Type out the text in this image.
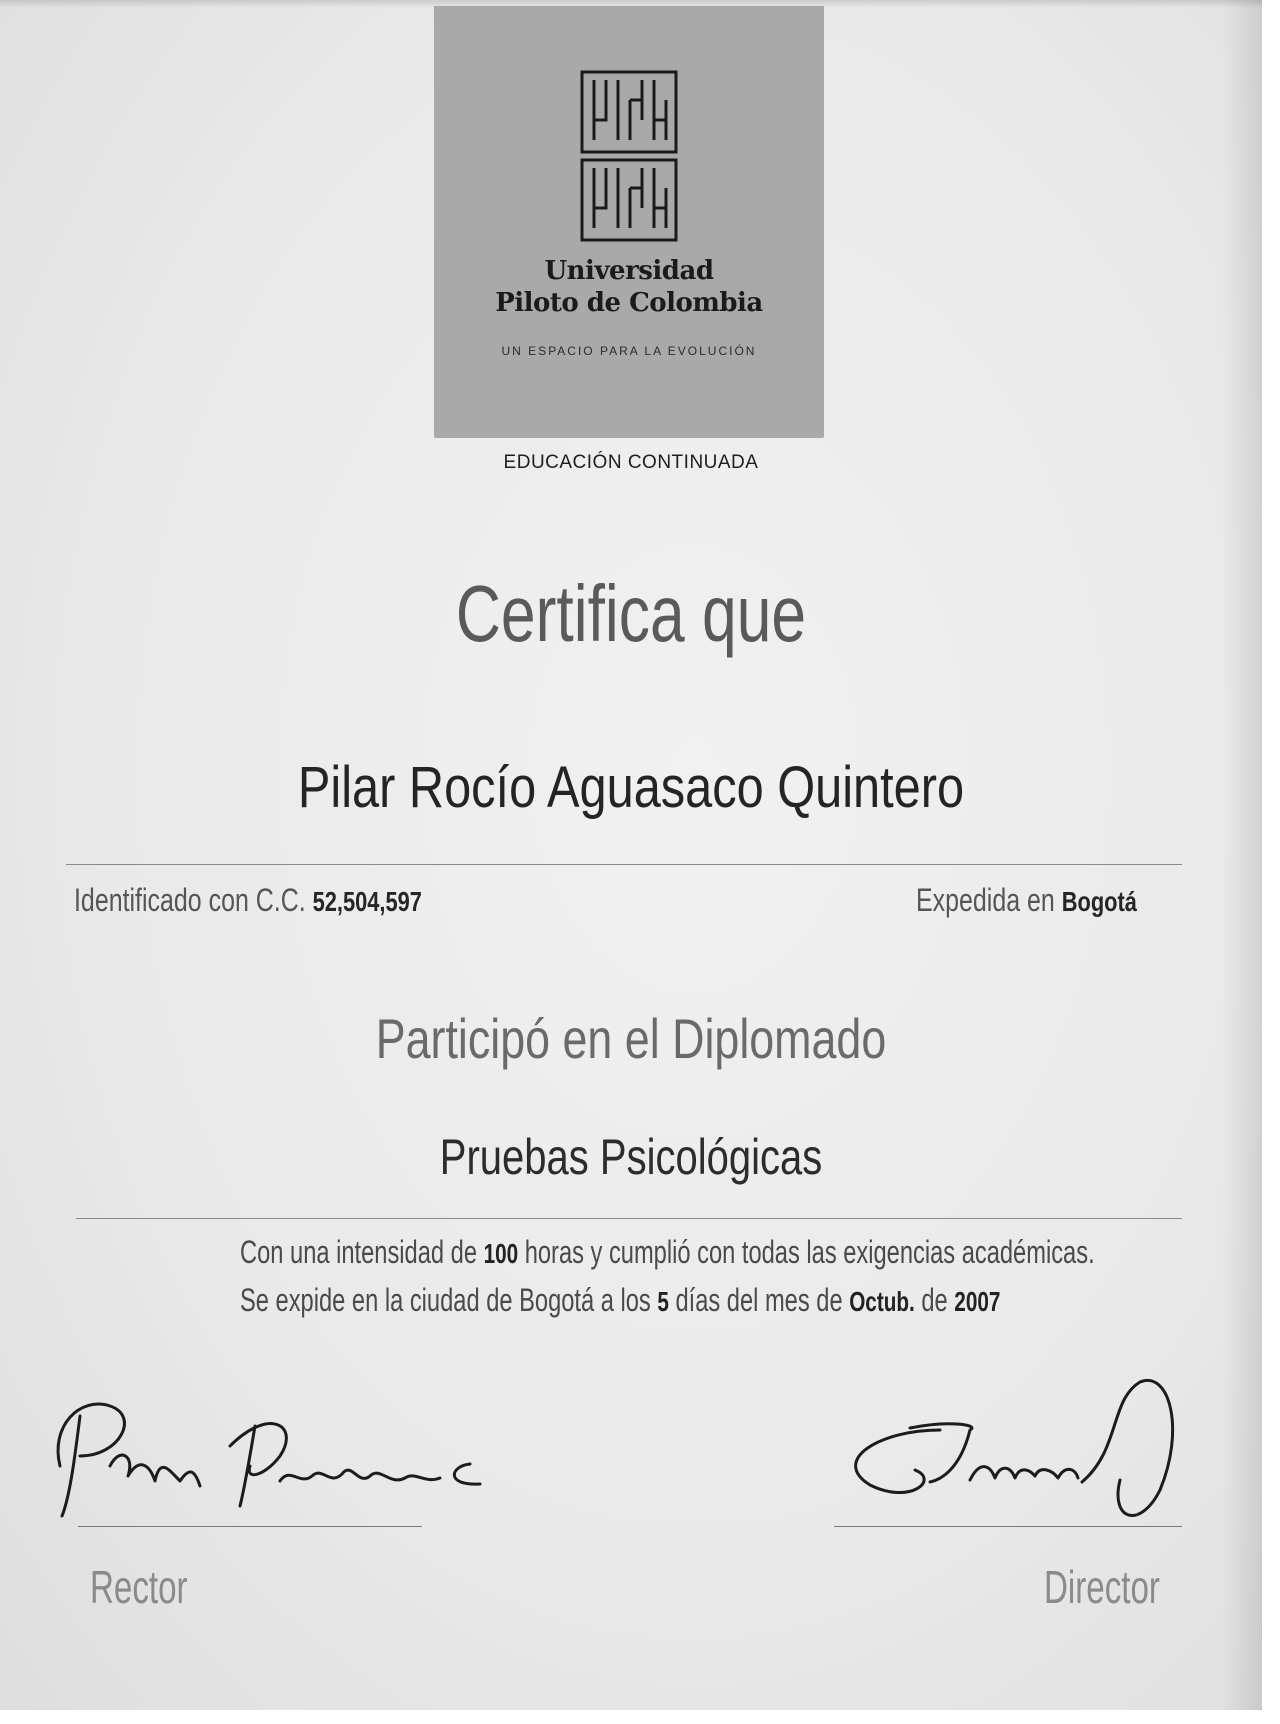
Universidad
Piloto de Colombia
UN ESPACIO PARA LA EVOLUCIÓN
EDUCACIÓN CONTINUADA
Certifica que
Pilar Rocío Aguasaco Quintero
Identificado con C.C. 52,504,597	Expedida en Bogotá
Participó en el Diplomado
Pruebas Psicológicas
Con una intensidad de 100 horas y cumplió con todas las exigencias académicas.
Se expide en la ciudad de Bogotá a los 5 días del mes de Octub. de 2007
Rector	Director
